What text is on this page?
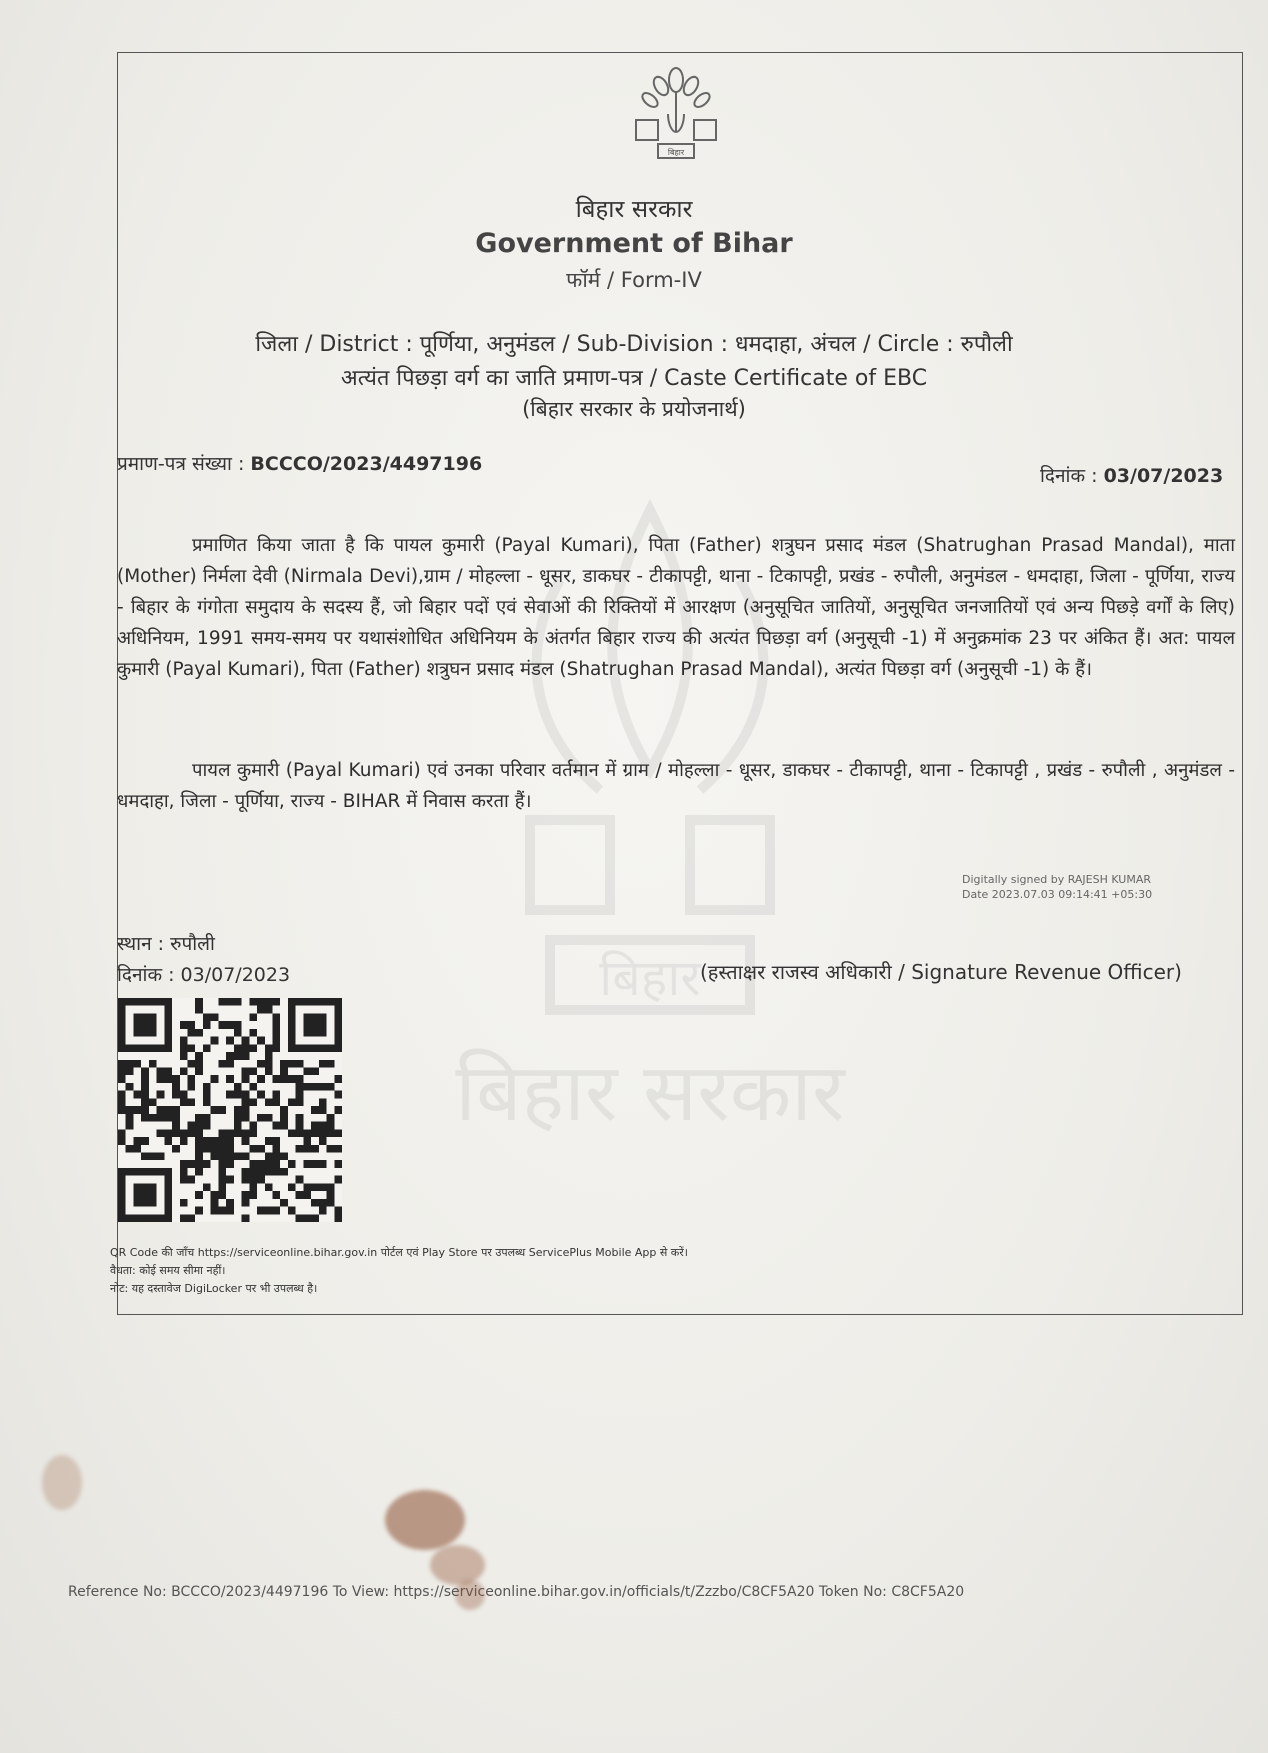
बिहार
बिहार सरकार
बिहार
बिहार सरकार
Government of Bihar
फॉर्म / Form-IV
जिला / District : पूर्णिया, अनुमंडल / Sub-Division : धमदाहा, अंचल / Circle : रुपौली
अत्यंत पिछड़ा वर्ग का जाति प्रमाण-पत्र / Caste Certificate of EBC
(बिहार सरकार के प्रयोजनार्थ)
प्रमाण-पत्र संख्या : BCCCO/2023/4497196
दिनांक : 03/07/2023
प्रमाणित किया जाता है कि पायल कुमारी (Payal Kumari), पिता (Father) शत्रुघन प्रसाद मंडल (Shatrughan Prasad Mandal), माता (Mother) निर्मला देवी (Nirmala Devi),ग्राम / मोहल्ला - धूसर, डाकघर - टीकापट्टी, थाना - टिकापट्टी, प्रखंड - रुपौली, अनुमंडल - धमदाहा, जिला - पूर्णिया, राज्य - बिहार के गंगोता समुदाय के सदस्य हैं, जो बिहार पदों एवं सेवाओं की रिक्तियों में आरक्षण (अनुसूचित जातियों, अनुसूचित जनजातियों एवं अन्य पिछड़े वर्गों के लिए) अधिनियम, 1991 समय-समय पर यथासंशोधित अधिनियम के अंतर्गत बिहार राज्य की अत्यंत पिछड़ा वर्ग (अनुसूची -1) में अनुक्रमांक 23 पर अंकित हैं। अत: पायल कुमारी (Payal Kumari), पिता (Father) शत्रुघन प्रसाद मंडल (Shatrughan Prasad Mandal), अत्यंत पिछड़ा वर्ग (अनुसूची -1) के हैं।
पायल कुमारी (Payal Kumari) एवं उनका परिवार वर्तमान में ग्राम / मोहल्ला - धूसर, डाकघर - टीकापट्टी, थाना - टिकापट्टी , प्रखंड - रुपौली , अनुमंडल - धमदाहा, जिला - पूर्णिया, राज्य - BIHAR में निवास करता हैं।
Digitally signed by RAJESH KUMAR
Date 2023.07.03 09:14:41 +05:30
स्थान : रुपौली
दिनांक : 03/07/2023	(हस्ताक्षर राजस्व अधिकारी / Signature Revenue Officer)
QR Code की जाँच https://serviceonline.bihar.gov.in पोर्टल एवं Play Store पर उपलब्ध ServicePlus Mobile App से करें।
वैधता: कोई समय सीमा नहीं।
नोट: यह दस्तावेज DigiLocker पर भी उपलब्ध है।
Reference No: BCCCO/2023/4497196 To View: https://serviceonline.bihar.gov.in/officials/t/Zzzbo/C8CF5A20 Token No: C8CF5A20
